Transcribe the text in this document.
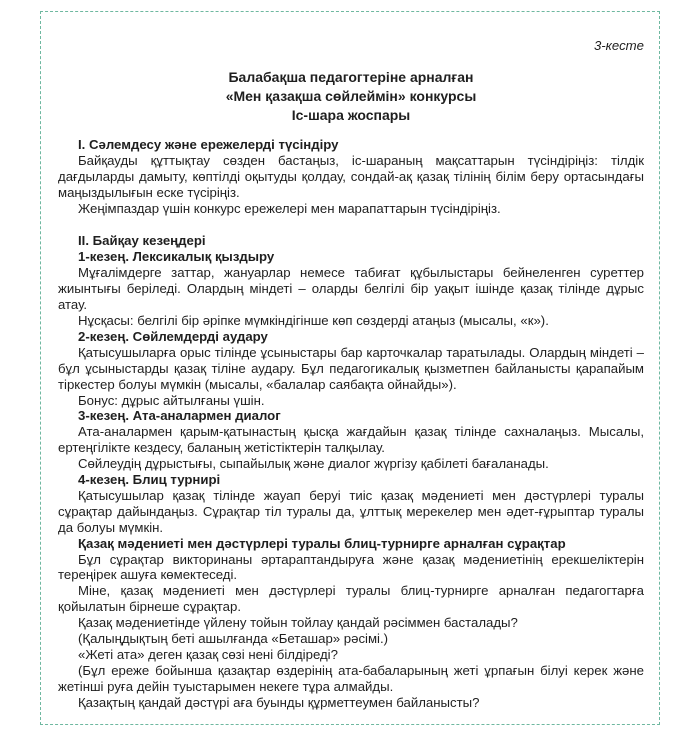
3-кесте

Балабақша педагогтеріне арналған

«Мен қазақша сөйлеймін» конкурсы

Іс-шара жоспары

I. Сәлемдесу және ережелерді түсіндіру

Байқауды құттықтау сөзден бастаңыз, іс-шараның мақсаттарын түсіндіріңіз: тілдік дағдыларды дамыту, көптілді оқытуды қолдау, сондай-ақ қазақ тілінің білім беру ортасындағы маңыздылығын еске түсіріңіз.

Жеңімпаздар үшін конкурс ережелері мен марапаттарын түсіндіріңіз.

II. Байқау кезеңдері

1-кезең. Лексикалық қыздыру

Мұғалімдерге заттар, жануарлар немесе табиғат құбылыстары бейнеленген суреттер жиынтығы беріледі. Олардың міндеті – оларды белгілі бір уақыт ішінде қазақ тілінде дұрыс атау.

Нұсқасы: белгілі бір әріпке мүмкіндігінше көп сөздерді атаңыз (мысалы, «к»).

2-кезең. Сөйлемдерді аудару

Қатысушыларға орыс тілінде ұсыныстары бар карточкалар таратылады. Олардың міндеті – бұл ұсыныстарды қазақ тіліне аудару. Бұл педагогикалық қызметпен байланысты қарапайым тіркестер болуы мүмкін (мысалы, «балалар саябақта ойнайды»).

Бонус: дұрыс айтылғаны үшін.

3-кезең. Ата-аналармен диалог

Ата-аналармен қарым-қатынастың қысқа жағдайын қазақ тілінде сахналаңыз. Мысалы, ертеңгілікте кездесу, баланың жетістіктерін талқылау.

Сөйлеудің дұрыстығы, сыпайылық және диалог жүргізу қабілеті бағаланады.

4-кезең. Блиц турнирі

Қатысушылар қазақ тілінде жауап беруі тиіс қазақ мәдениеті мен дәстүрлері туралы сұрақтар дайындаңыз. Сұрақтар тіл туралы да, ұлттық мерекелер мен әдет-ғұрыптар туралы да болуы мүмкін.

Қазақ мәдениеті мен дәстүрлері туралы блиц-турнирге арналған сұрақтар

Бұл сұрақтар викторинаны әртараптандыруға және қазақ мәдениетінің ерекшеліктерін тереңірек ашуға көмектеседі.

Міне, қазақ мәдениеті мен дәстүрлері туралы блиц-турнирге арналған педагогтарға қойылатын бірнеше сұрақтар.

Қазақ мәдениетінде үйлену тойын тойлау қандай рәсіммен басталады?

(Қалыңдықтың беті ашылғанда «Беташар» рәсімі.)

«Жеті ата» деген қазақ сөзі нені білдіреді?

(Бұл ереже бойынша қазақтар өздерінің ата-бабаларының жеті ұрпағын білуі керек және жетінші руға дейін туыстарымен некеге тұра алмайды.

Қазақтың қандай дәстүрі аға буынды құрметтеумен байланысты?
